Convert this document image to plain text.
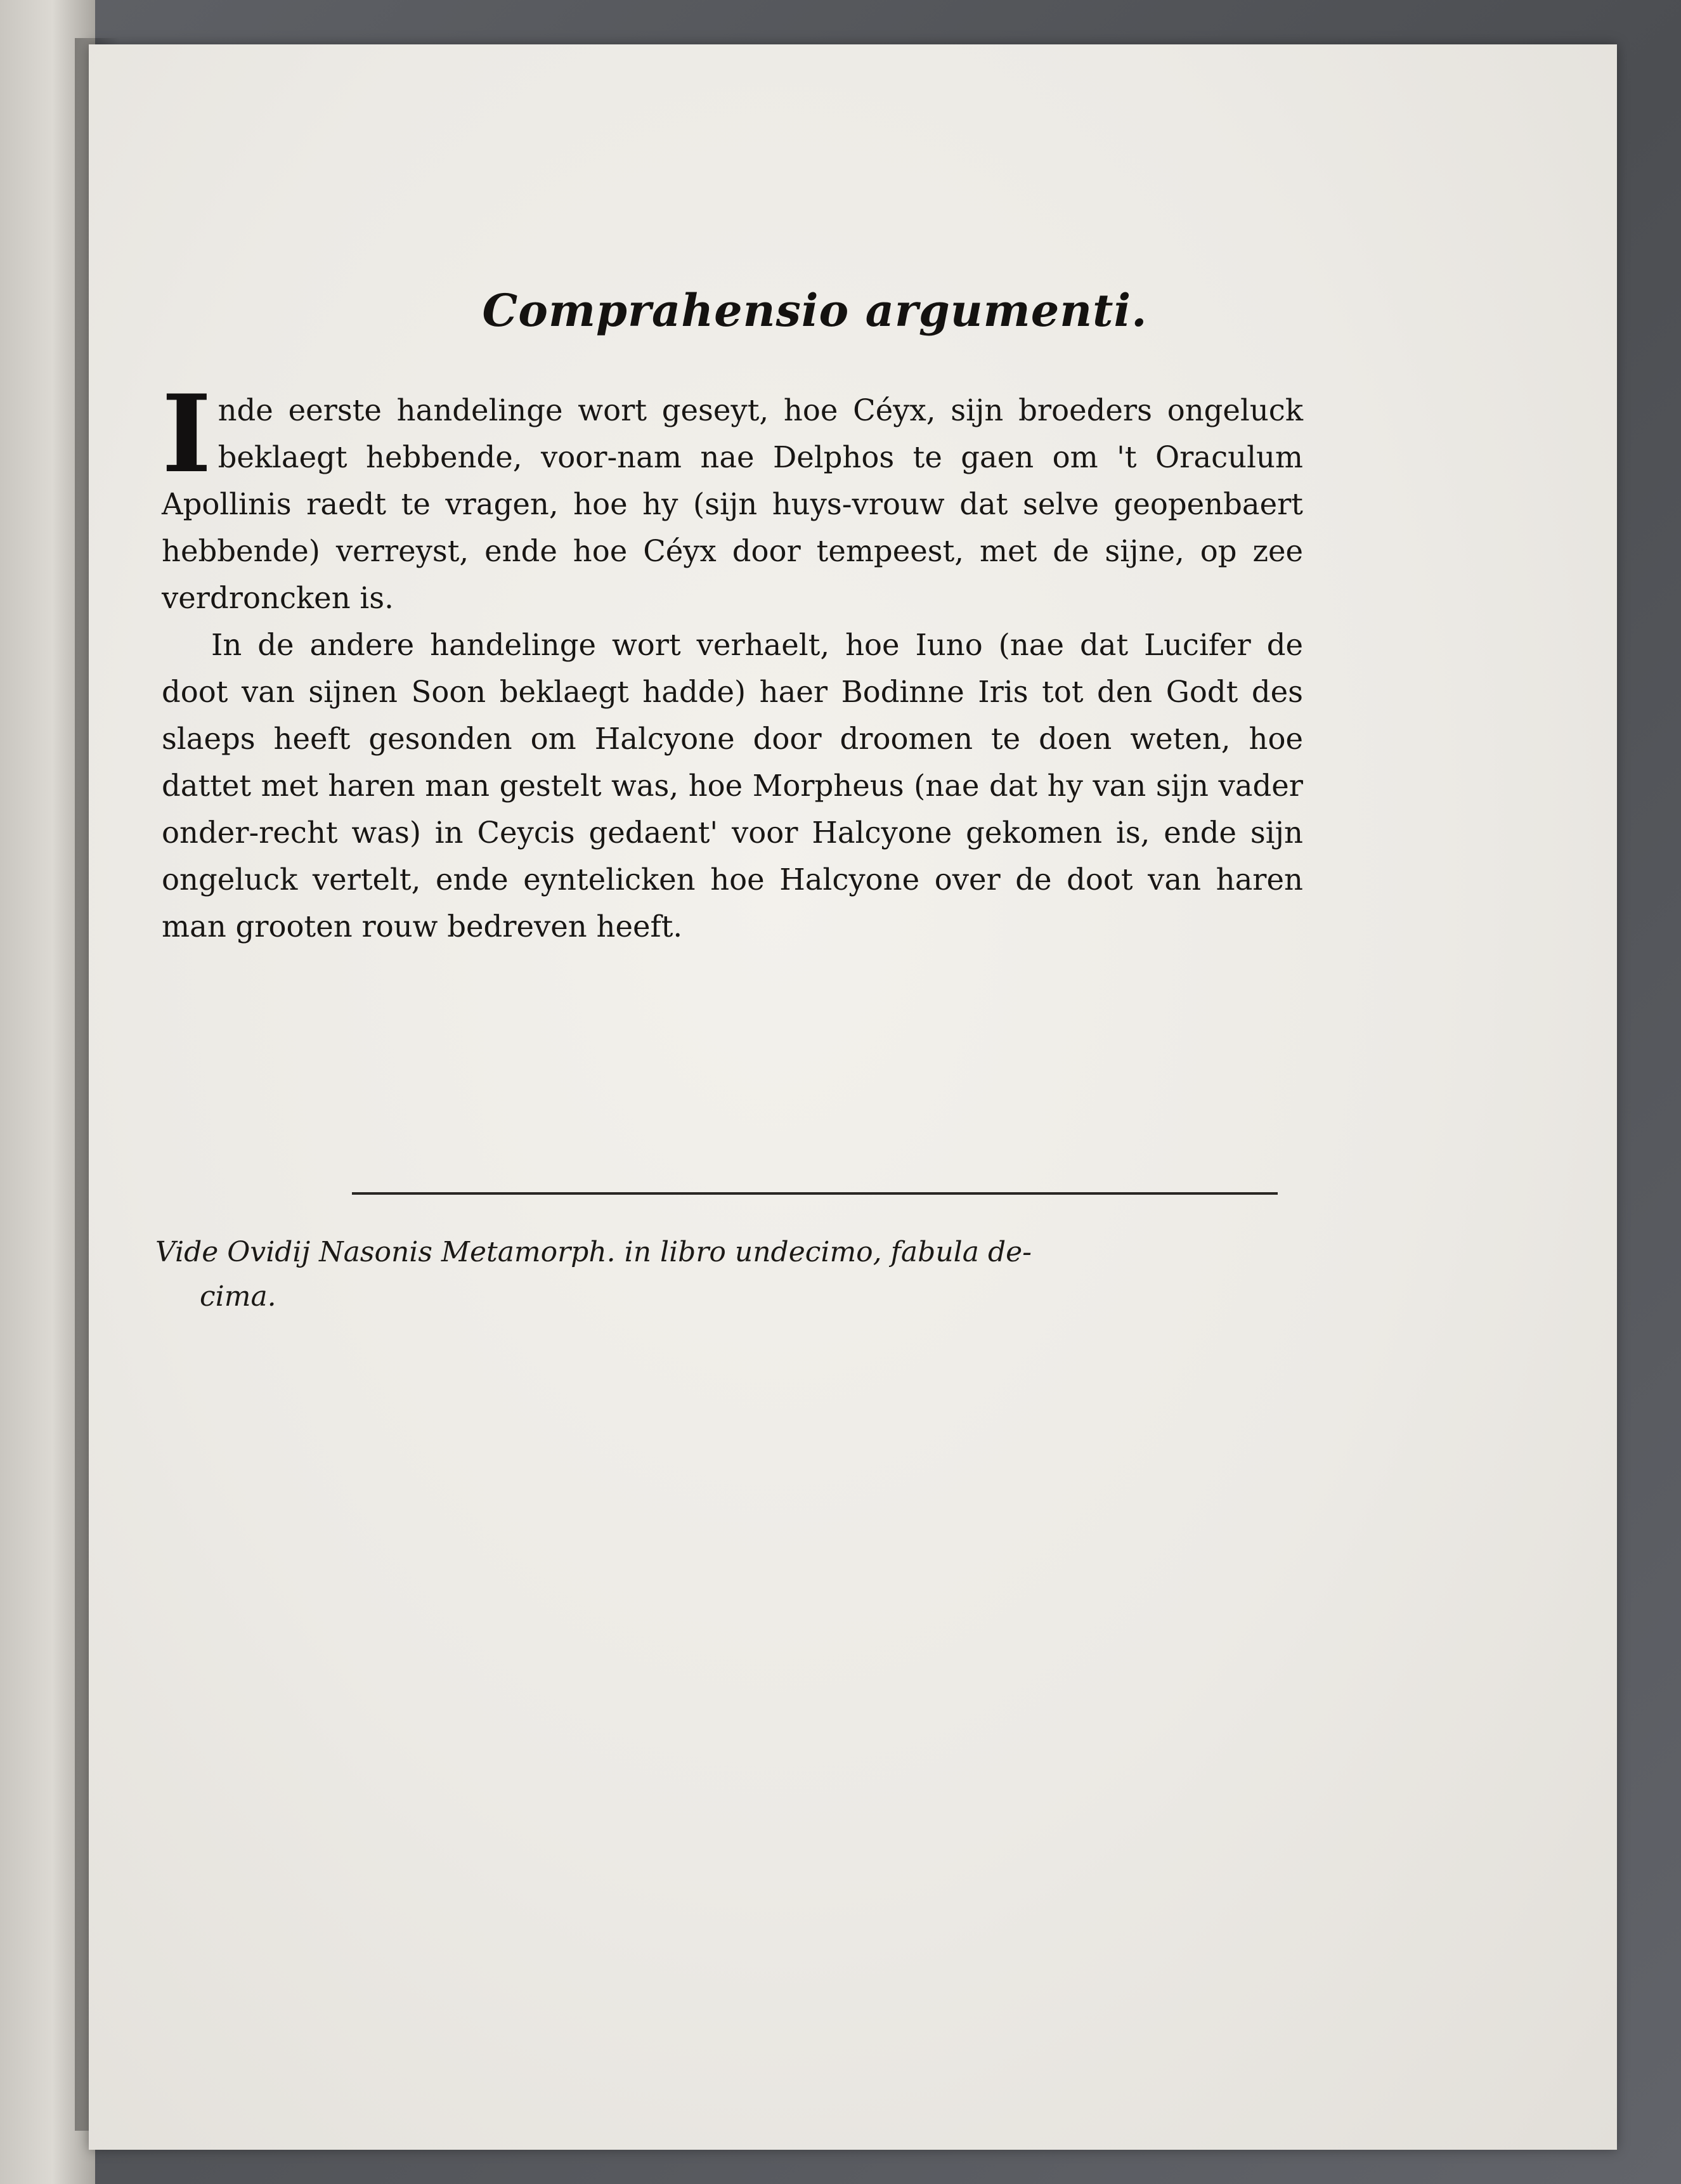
Comprahensio argumenti.

Inde eerste handelinge wort geseyt, hoe Céyx, sijn broeders ongeluck beklaegt hebbende, voor-nam nae Delphos te gaen om 't Oraculum Apollinis raedt te vragen, hoe hy (sijn huys-vrouw dat selve geopenbaert hebbende) verreyst, ende hoe Céyx door tempeest, met de sijne, op zee verdroncken is.

In de andere handelinge wort verhaelt, hoe Iuno (nae dat Lucifer de doot van sijnen Soon beklaegt hadde) haer Bodinne Iris tot den Godt des slaeps heeft gesonden om Halcyone door droomen te doen weten, hoe dattet met haren man gestelt was, hoe Morpheus (nae dat hy van sijn vader onder-recht was) in Ceycis gedaent' voor Halcyone gekomen is, ende sijn ongeluck vertelt, ende eyntelicken hoe Halcyone over de doot van haren man grooten rouw bedreven heeft.

Vide Ovidij Nasonis Metamorph. in libro undecimo, fabula de-
cima.
